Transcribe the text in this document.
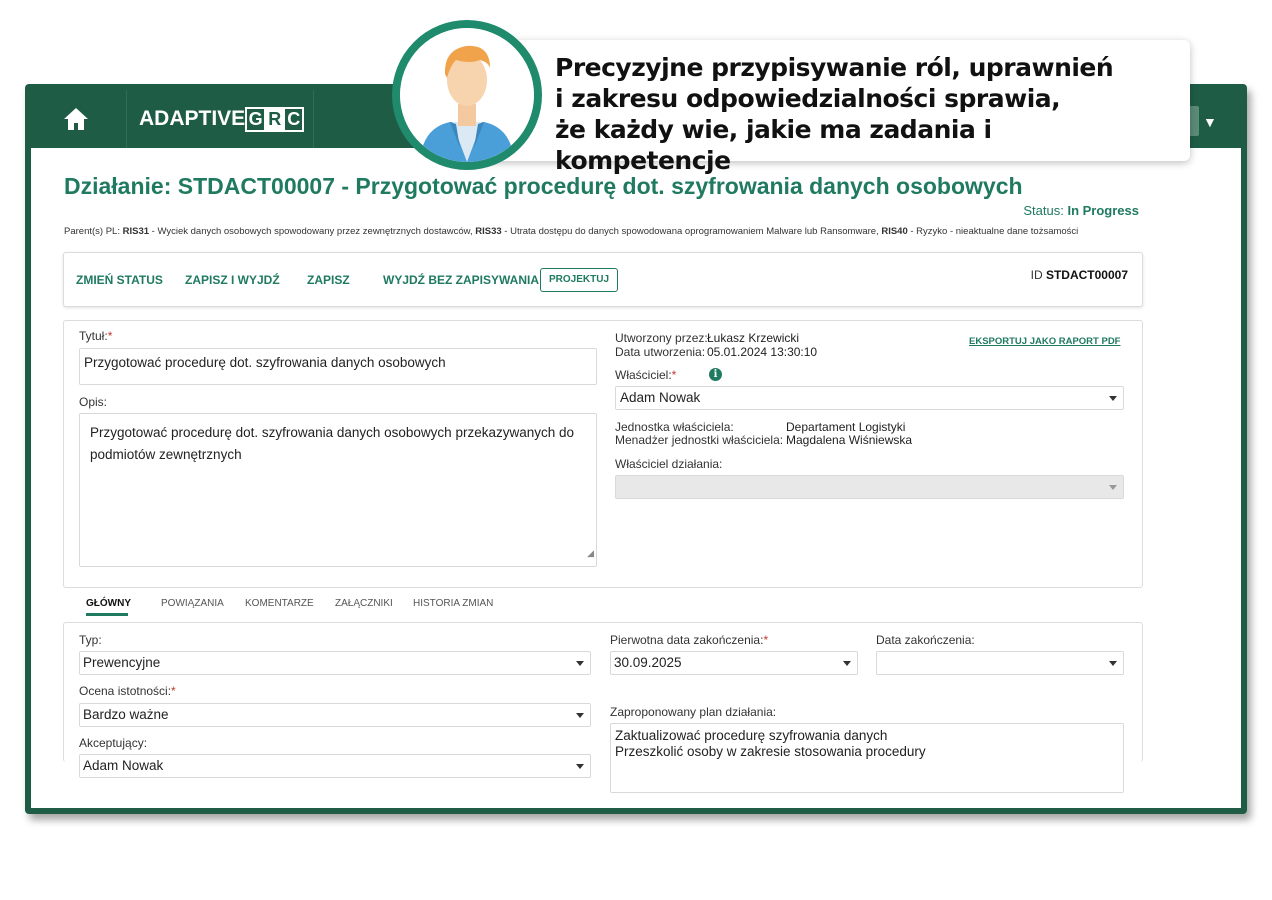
ADAPTIVE G R C	▼
Działanie: STDACT00007 - Przygotować procedurę dot. szyfrowania danych osobowych
Status: In Progress
Parent(s) PL: RIS31 - Wyciek danych osobowych spowodowany przez zewnętrznych dostawców, RIS33 - Utrata dostępu do danych spowodowana oprogramowaniem Malware lub Ransomware, RIS40 - Ryzyko - nieaktualne dane tożsamości
ZMIEŃ STATUS ZAPISZ I WYJDŹ ZAPISZ	WYJDŹ BEZ ZAPISYWANIA PROJEKTUJ	ID STDACT00007
Tytuł:*
Przygotować procedurę dot. szyfrowania danych osobowych
Opis:
Przygotować procedurę dot. szyfrowania danych osobowych przekazywanych do podmiotów zewnętrznych
◢
Utworzony przez: Łukasz Krzewicki
Data utworzenia: 05.01.2024 13:30:10
EKSPORTUJ JAKO RAPORT PDF
Właściciel:*	i
Adam Nowak
Jednostka właściciela:	Departament Logistyki
Menadżer jednostki właściciela: Magdalena Wiśniewska
Właściciel działania:
GŁÓWNY	POWIĄZANIA KOMENTARZE ZAŁĄCZNIKI HISTORIA ZMIAN
Typ:
Prewencyjne
Ocena istotności:*
Bardzo ważne
Akceptujący:
Adam Nowak
Pierwotna data zakończenia:*
30.09.2025
Data zakończenia:
Zaproponowany plan działania:
Zaktualizować procedurę szyfrowania danych
Przeszkolić osoby w zakresie stosowania procedury

Precyzyjne przypisywanie ról, uprawnień

i zakresu odpowiedzialności sprawia,

że każdy wie, jakie ma zadania i kompetencje
